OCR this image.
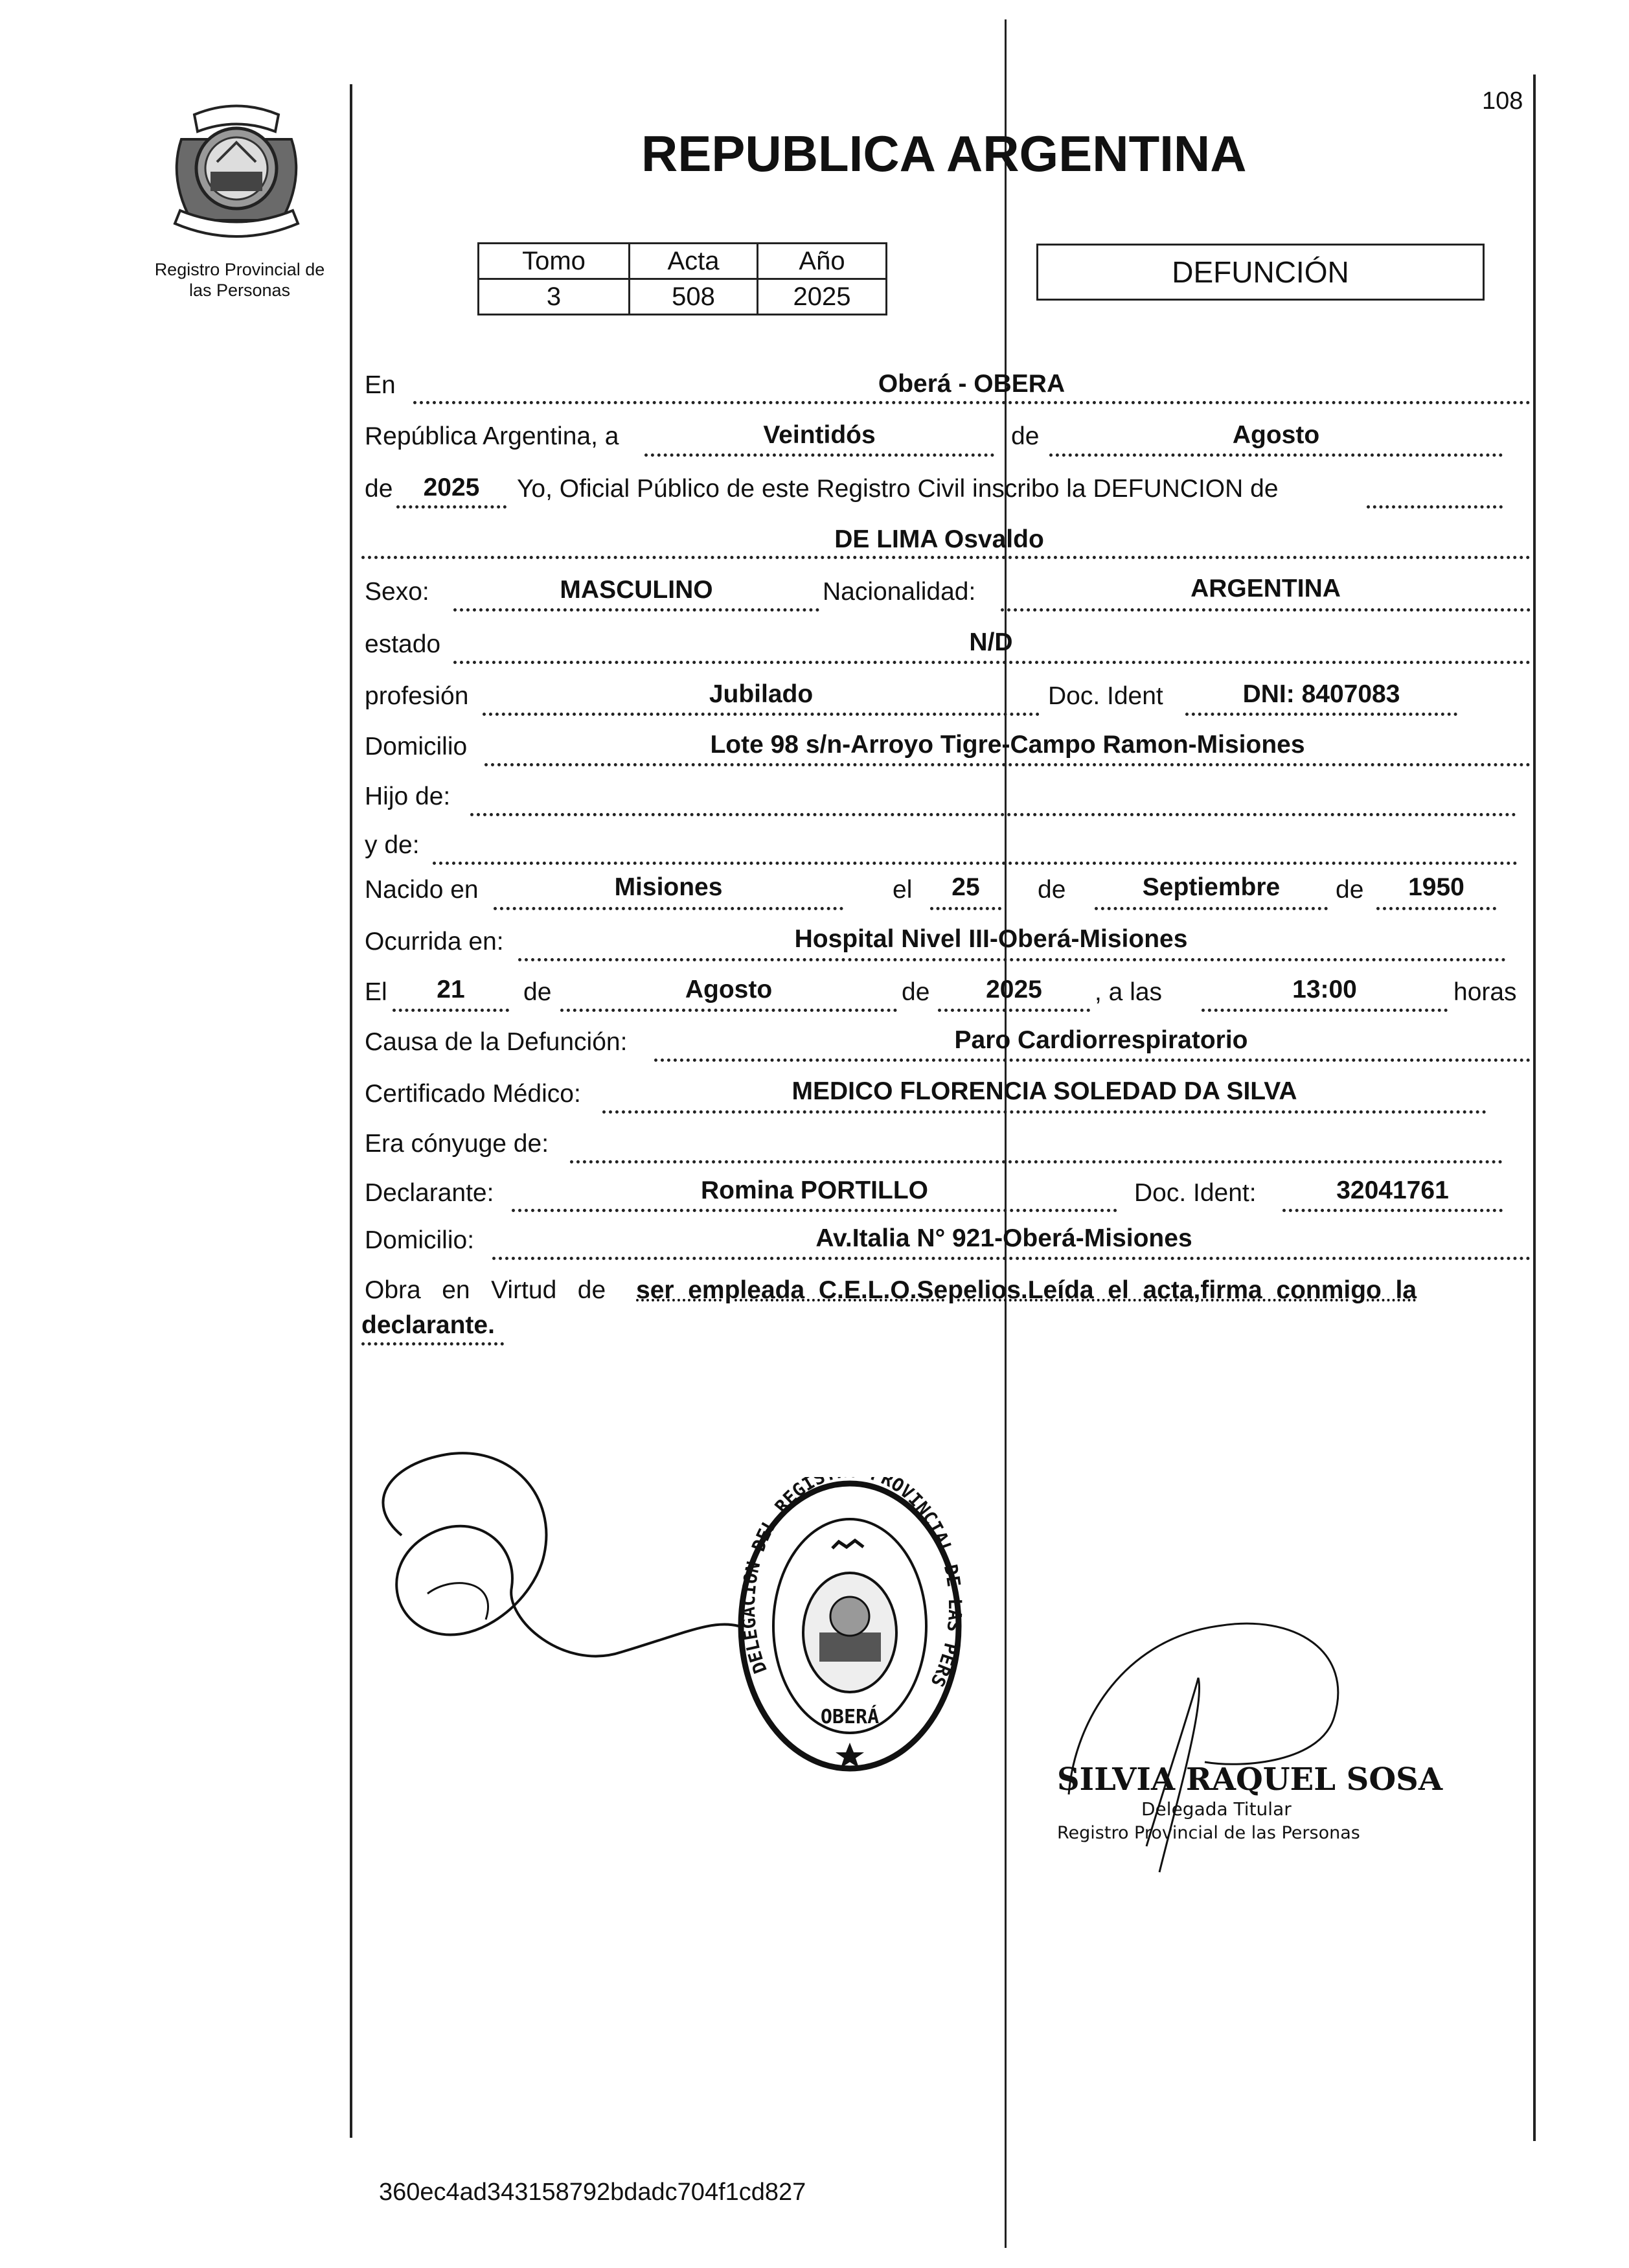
108
Registro Provincial de
las Personas
REPUBLICA ARGENTINA
Tomo	Acta	Año
3	508	2025
DEFUNCIÓN
En	Oberá - OBERA
República Argentina, a	Veintidós	de	Agosto
de	2025	Yo, Oficial Público de este Registro Civil inscribo la DEFUNCION de
DE LIMA Osvaldo
Sexo:	MASCULINO	Nacionalidad:	ARGENTINA
estado	N/D
profesión	Jubilado	Doc. Ident	DNI: 8407083
Domicilio	Lote 98 s/n-Arroyo Tigre-Campo Ramon-Misiones
Hijo de:
y de:
Nacido en	Misiones	el	25	de	Septiembre	de	1950
Ocurrida en:	Hospital Nivel III-Oberá-Misiones
El	21	de	Agosto	de	2025	, a las	13:00	horas
Causa de la Defunción:	Paro Cardiorrespiratorio
Certificado Médico:	MEDICO FLORENCIA SOLEDAD DA SILVA
Era cónyuge de:
Declarante:	Romina PORTILLO	Doc. Ident:	32041761
Domicilio:	Av.Italia N° 921-Oberá-Misiones
Obra   en   Virtud   de ser  empleada  C.E.L.O.Sepelios.Leída  el  acta,firma  conmigo  la
declarante.
DELEGACION DEL REGIS ROVINCIAL DE LAS PERS
OBERÁ
SILVIA RAQUEL SOSA
Delegada Titular
Registro Provincial de las Personas
360ec4ad343158792bdadc704f1cd827
